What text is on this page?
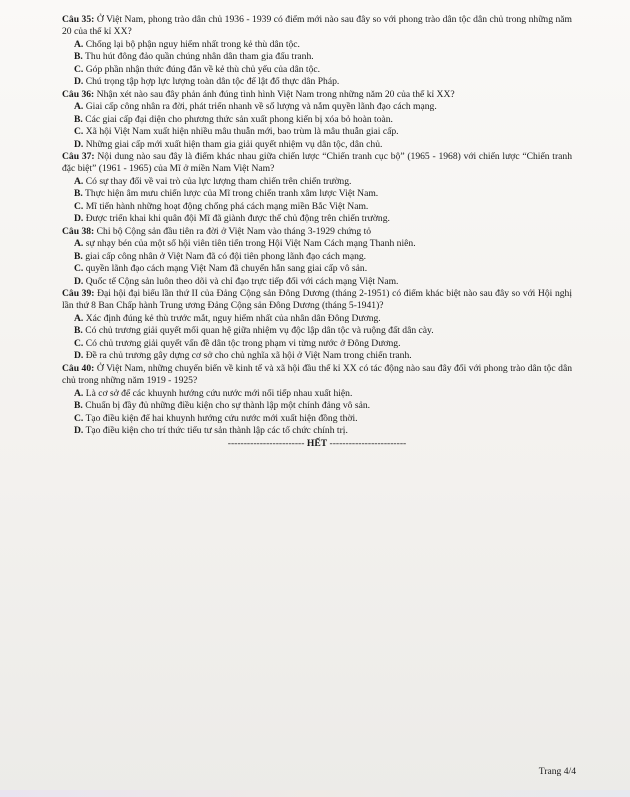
Câu 35: Ở Việt Nam, phong trào dân chủ 1936 - 1939 có điểm mới nào sau đây so với phong trào dân tộc dân chủ trong những năm 20 của thế kỉ XX?
A. Chống lại bộ phận nguy hiểm nhất trong kẻ thù dân tộc.
B. Thu hút đông đảo quần chúng nhân dân tham gia đấu tranh.
C. Góp phần nhận thức đúng đắn về kẻ thù chủ yếu của dân tộc.
D. Chú trọng tập hợp lực lượng toàn dân tộc để lật đổ thực dân Pháp.
Câu 36: Nhận xét nào sau đây phản ánh đúng tình hình Việt Nam trong những năm 20 của thế kỉ XX?
A. Giai cấp công nhân ra đời, phát triển nhanh về số lượng và nắm quyền lãnh đạo cách mạng.
B. Các giai cấp đại diện cho phương thức sản xuất phong kiến bị xóa bỏ hoàn toàn.
C. Xã hội Việt Nam xuất hiện nhiều mâu thuẫn mới, bao trùm là mâu thuẫn giai cấp.
D. Những giai cấp mới xuất hiện tham gia giải quyết nhiệm vụ dân tộc, dân chủ.
Câu 37: Nội dung nào sau đây là điểm khác nhau giữa chiến lược “Chiến tranh cục bộ” (1965 - 1968) với chiến lược “Chiến tranh đặc biệt” (1961 - 1965) của Mĩ ở miền Nam Việt Nam?
A. Có sự thay đổi về vai trò của lực lượng tham chiến trên chiến trường.
B. Thực hiện âm mưu chiến lược của Mĩ trong chiến tranh xâm lược Việt Nam.
C. Mĩ tiến hành những hoạt động chống phá cách mạng miền Bắc Việt Nam.
D. Được triển khai khi quân đội Mĩ đã giành được thế chủ động trên chiến trường.
Câu 38: Chi bộ Cộng sản đầu tiên ra đời ở Việt Nam vào tháng 3-1929 chứng tỏ
A. sự nhạy bén của một số hội viên tiên tiến trong Hội Việt Nam Cách mạng Thanh niên.
B. giai cấp công nhân ở Việt Nam đã có đội tiên phong lãnh đạo cách mạng.
C. quyền lãnh đạo cách mạng Việt Nam đã chuyển hẳn sang giai cấp vô sản.
D. Quốc tế Cộng sản luôn theo dõi và chỉ đạo trực tiếp đối với cách mạng Việt Nam.
Câu 39: Đại hội đại biểu lần thứ II của Đảng Cộng sản Đông Dương (tháng 2-1951) có điểm khác biệt nào sau đây so với Hội nghị lần thứ 8 Ban Chấp hành Trung ương Đảng Cộng sản Đông Dương (tháng 5-1941)?
A. Xác định đúng kẻ thù trước mắt, nguy hiểm nhất của nhân dân Đông Dương.
B. Có chủ trương giải quyết mối quan hệ giữa nhiệm vụ độc lập dân tộc và ruộng đất dân cày.
C. Có chủ trương giải quyết vấn đề dân tộc trong phạm vi từng nước ở Đông Dương.
D. Đề ra chủ trương gây dựng cơ sở cho chủ nghĩa xã hội ở Việt Nam trong chiến tranh.
Câu 40: Ở Việt Nam, những chuyển biến về kinh tế và xã hội đầu thế kỉ XX có tác động nào sau đây đối với phong trào dân tộc dân chủ trong những năm 1919 - 1925?
A. Là cơ sở để các khuynh hướng cứu nước mới nối tiếp nhau xuất hiện.
B. Chuẩn bị đầy đủ những điều kiện cho sự thành lập một chính đảng vô sản.
C. Tạo điều kiện để hai khuynh hướng cứu nước mới xuất hiện đồng thời.
D. Tạo điều kiện cho trí thức tiểu tư sản thành lập các tổ chức chính trị.
------------------------ HẾT ------------------------
Trang 4/4
